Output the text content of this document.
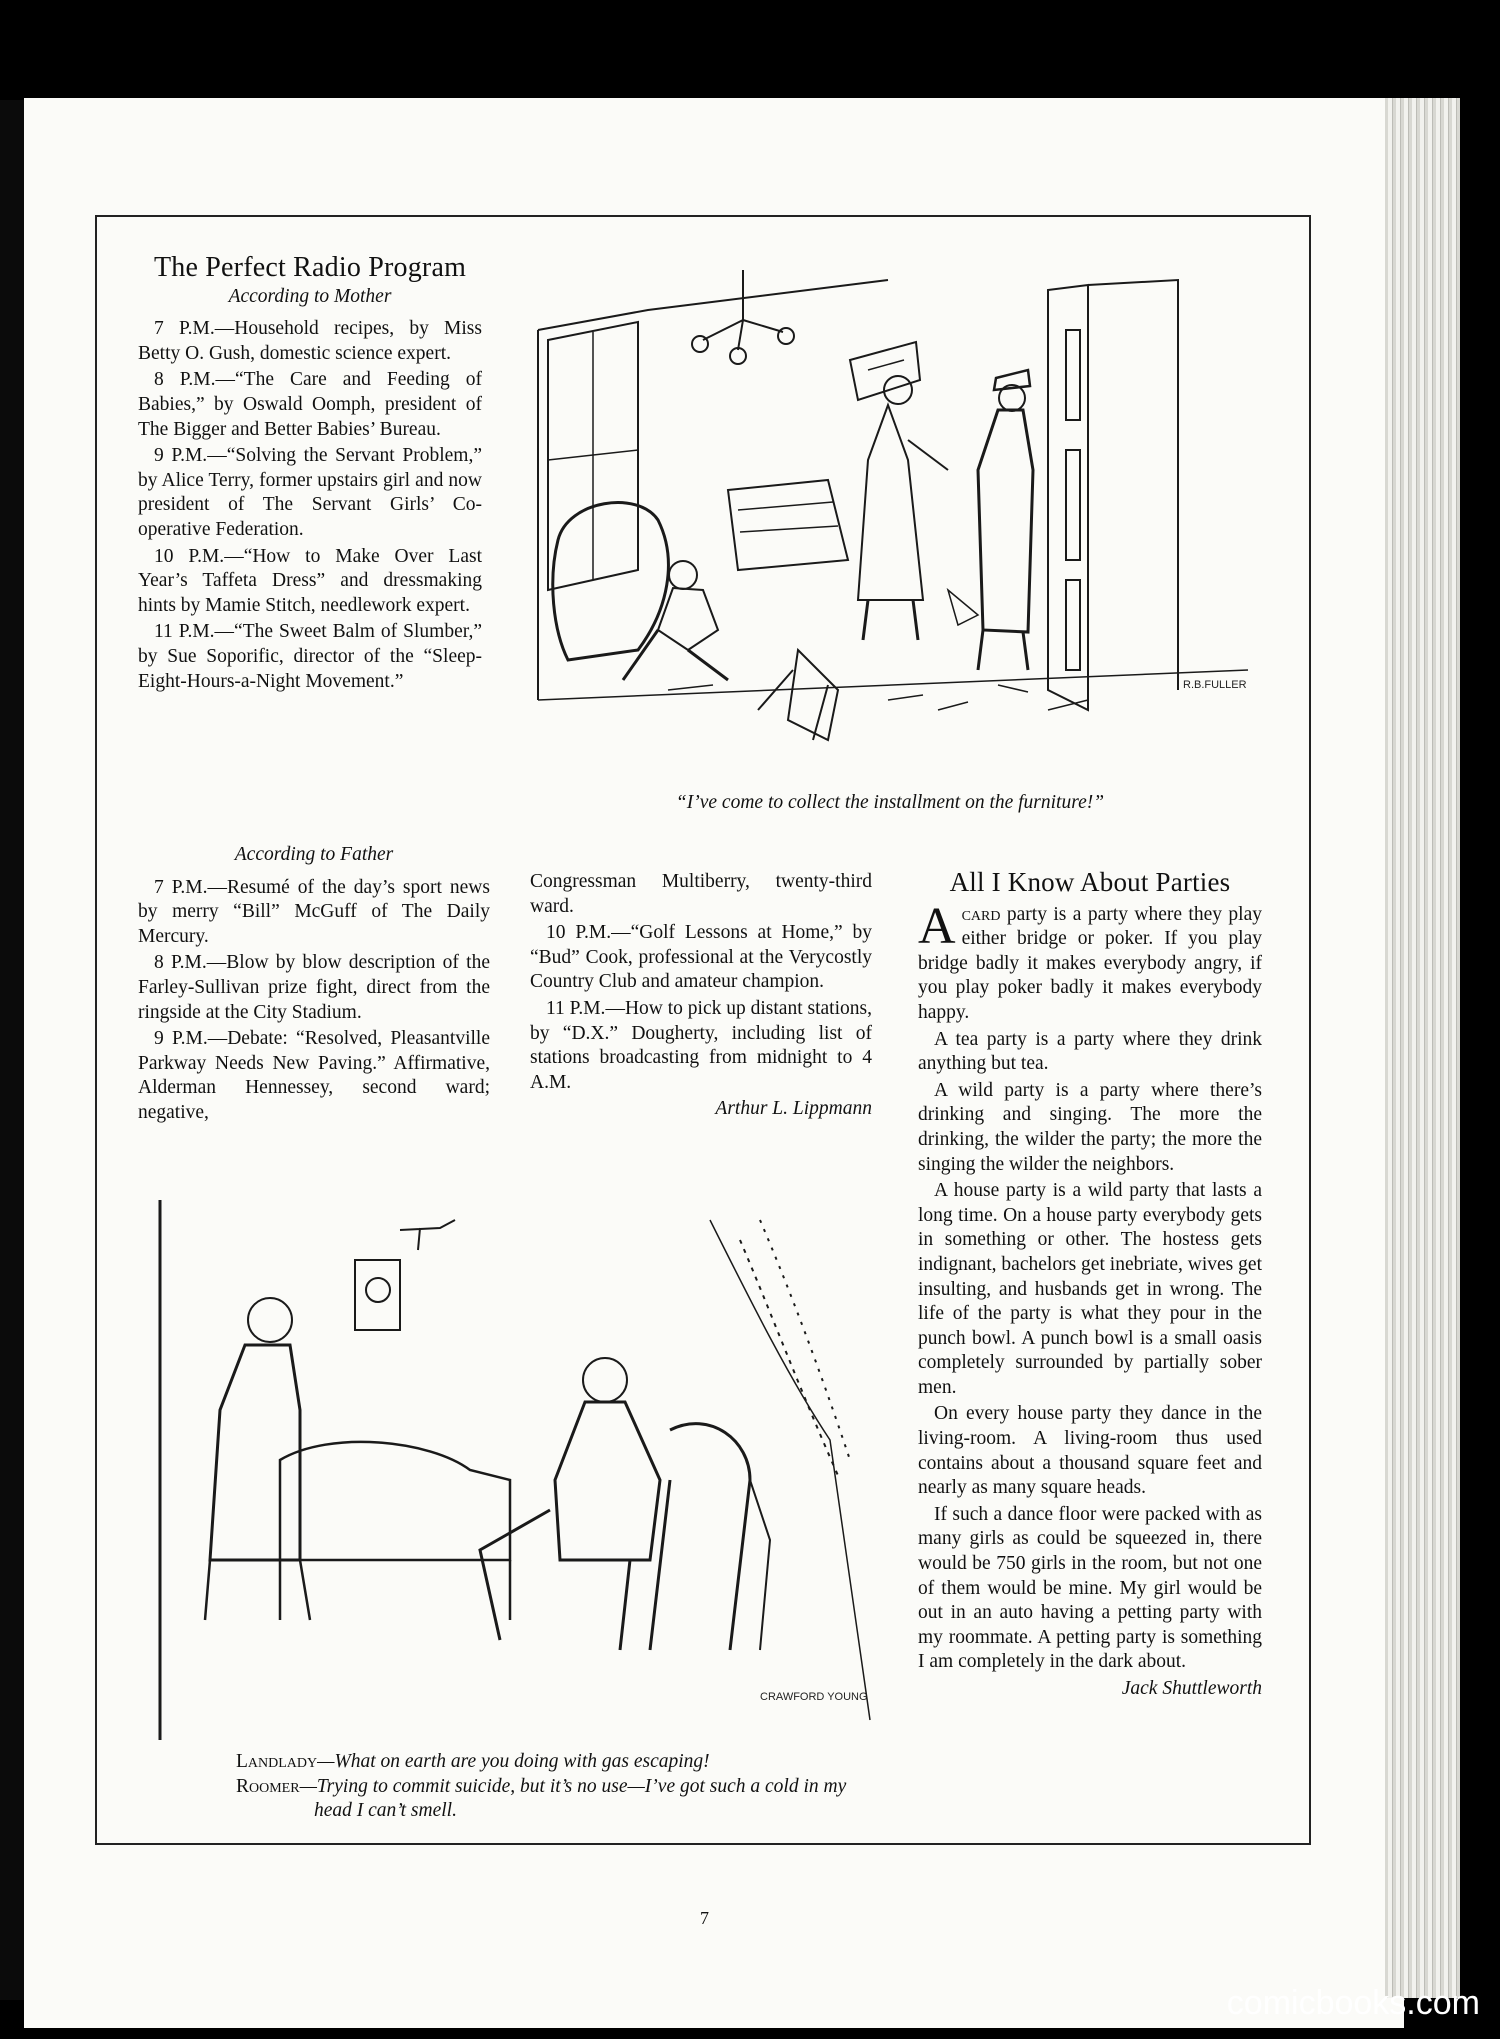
The Perfect Radio Program
According to Mother

7 P.M.—Household recipes, by Miss Betty O. Gush, domestic science expert.

8 P.M.—“The Care and Feeding of Babies,” by Oswald Oomph, president of The Bigger and Better Babies’ Bureau.

9 P.M.—“Solving the Servant Problem,” by Alice Terry, former upstairs girl and now president of The Servant Girls’ Co-operative Federation.

10 P.M.—“How to Make Over Last Year’s Taffeta Dress” and dressmaking hints by Mamie Stitch, needlework expert.

11 P.M.—“The Sweet Balm of Slumber,” by Sue Soporific, director of the “Sleep-Eight-Hours-a-Night Movement.”

According to Father

7 P.M.—Resumé of the day’s sport news by merry “Bill” McGuff of The Daily Mercury.

8 P.M.—Blow by blow description of the Farley-Sullivan prize fight, direct from the ringside at the City Stadium.

9 P.M.—Debate: “Resolved, Pleasantville Parkway Needs New Paving.” Affirmative, Alderman Hennessey, second ward; negative,

Congressman Multiberry, twenty-third ward.

10 P.M.—“Golf Lessons at Home,” by “Bud” Cook, professional at the Verycostly Country Club and amateur champion.

11 P.M.—How to pick up distant stations, by “D.X.” Dougherty, including list of stations broadcasting from midnight to 4 A.M.

Arthur L. Lippmann
R.B.FULLER
“I’ve come to collect the installment on the furniture!”
CRAWFORD YOUNG
Landlady—What on earth are you doing with gas escaping!
Roomer—Trying to commit suicide, but it’s no use—I’ve got such a cold in my head I can’t smell.
All I Know About Parties

Acard party is a party where they play either bridge or poker. If you play bridge badly it makes everybody angry, if you play poker badly it makes everybody happy.

A tea party is a party where they drink anything but tea.

A wild party is a party where there’s drinking and singing. The more the drinking, the wilder the party; the more the singing the wilder the neighbors.

A house party is a wild party that lasts a long time. On a house party everybody gets in something or other. The hostess gets indignant, bachelors get inebriate, wives get insulting, and husbands get in wrong. The life of the party is what they pour in the punch bowl. A punch bowl is a small oasis completely surrounded by partially sober men.

On every house party they dance in the living-room. A living-room thus used contains about a thousand square feet and nearly as many square heads.

If such a dance floor were packed with as many girls as could be squeezed in, there would be 750 girls in the room, but not one of them would be mine. My girl would be out in an auto having a petting party with my roommate. A petting party is something I am completely in the dark about.

Jack Shuttleworth
7
comicbooks.com
